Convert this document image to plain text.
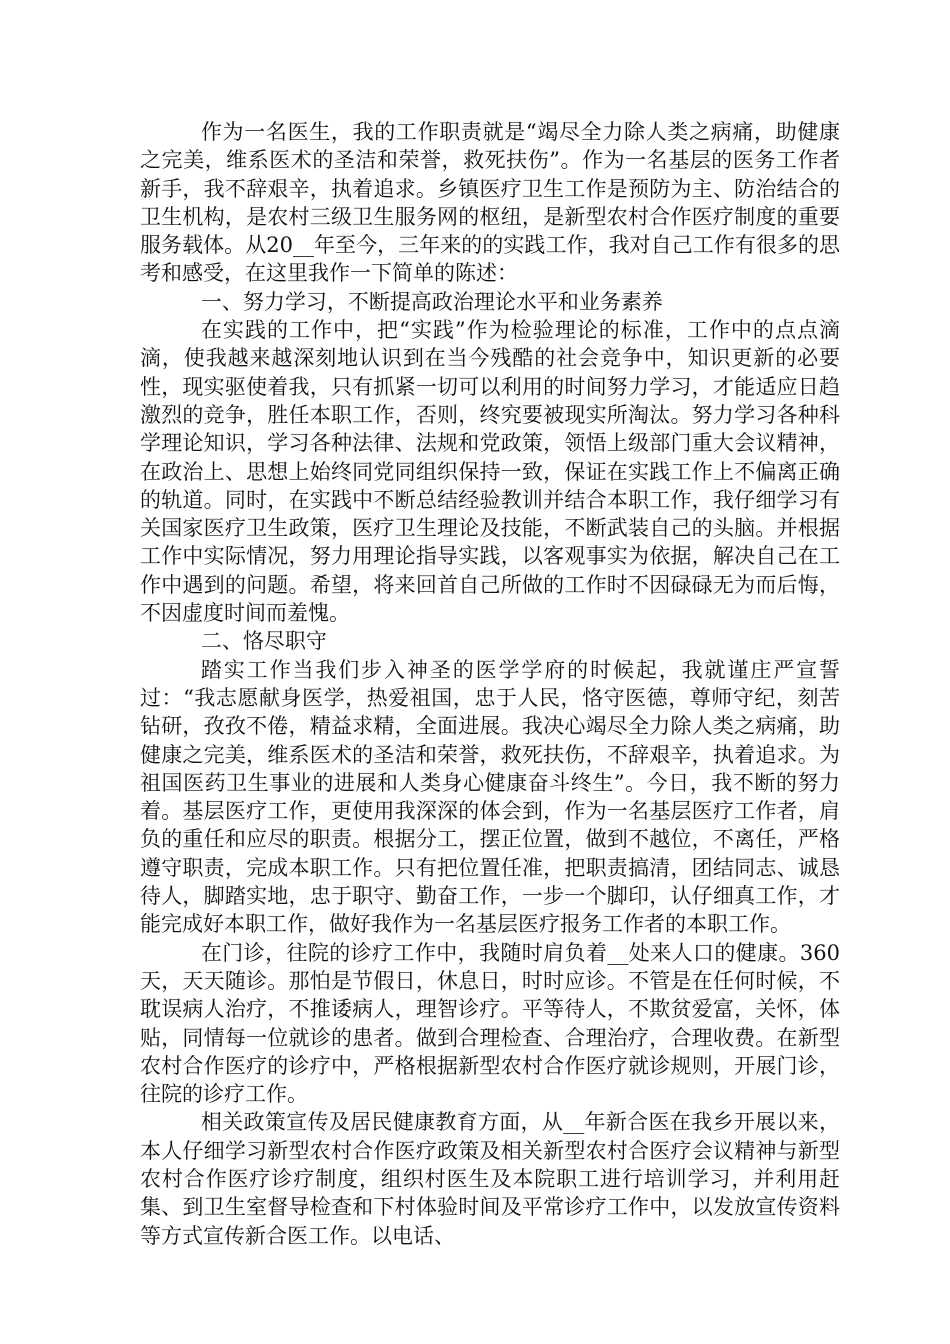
作为一名医生，我的工作职责就是“竭尽全力除人类之病痛，助健康之完美，维系医术的圣洁和荣誉，救死扶伤”。作为一名基层的医务工作者新手，我不辞艰辛，执着追求。乡镇医疗卫生工作是预防为主、防治结合的卫生机构，是农村三级卫生服务网的枢纽，是新型农村合作医疗制度的重要服务载体。从20__年至今，三年来的的实践工作，我对自己工作有很多的思考和感受，在这里我作一下简单的陈述：

一、努力学习，不断提高政治理论水平和业务素养

在实践的工作中，把“实践”作为检验理论的标准，工作中的点点滴滴，使我越来越深刻地认识到在当今残酷的社会竞争中，知识更新的必要性，现实驱使着我，只有抓紧一切可以利用的时间努力学习，才能适应日趋激烈的竞争，胜任本职工作，否则，终究要被现实所淘汰。努力学习各种科学理论知识，学习各种法律、法规和党政策，领悟上级部门重大会议精神，在政治上、思想上始终同党同组织保持一致，保证在实践工作上不偏离正确的轨道。同时，在实践中不断总结经验教训并结合本职工作，我仔细学习有关国家医疗卫生政策，医疗卫生理论及技能，不断武装自己的头脑。并根据工作中实际情况，努力用理论指导实践，以客观事实为依据，解决自己在工作中遇到的问题。希望，将来回首自己所做的工作时不因碌碌无为而后悔，不因虚度时间而羞愧。

二、恪尽职守

踏实工作当我们步入神圣的医学学府的时候起，我就谨庄严宣誓过：“我志愿献身医学，热爱祖国，忠于人民，恪守医德，尊师守纪，刻苦钻研，孜孜不倦，精益求精，全面进展。我决心竭尽全力除人类之病痛，助健康之完美，维系医术的圣洁和荣誉，救死扶伤，不辞艰辛，执着追求。为祖国医药卫生事业的进展和人类身心健康奋斗终生”。今日，我不断的努力着。基层医疗工作，更使用我深深的体会到，作为一名基层医疗工作者，肩负的重任和应尽的职责。根据分工，摆正位置，做到不越位，不离任，严格遵守职责，完成本职工作。只有把位置任准，把职责搞清，团结同志、诚恳待人，脚踏实地，忠于职守、勤奋工作，一步一个脚印，认仔细真工作，才能完成好本职工作，做好我作为一名基层医疗报务工作者的本职工作。

在门诊，往院的诊疗工作中，我随时肩负着__处来人口的健康。360天，天天随诊。那怕是节假日，休息日，时时应诊。不管是在任何时候，不耽误病人治疗，不推诿病人，理智诊疗。平等待人，不欺贫爱富，关怀，体贴，同情每一位就诊的患者。做到合理检查、合理治疗，合理收费。在新型农村合作医疗的诊疗中，严格根据新型农村合作医疗就诊规则，开展门诊，往院的诊疗工作。

相关政策宣传及居民健康教育方面，从__年新合医在我乡开展以来，本人仔细学习新型农村合作医疗政策及相关新型农村合医疗会议精神与新型农村合作医疗诊疗制度，组织村医生及本院职工进行培训学习，并利用赶集、到卫生室督导检查和下村体验时间及平常诊疗工作中，以发放宣传资料等方式宣传新合医工作。以电话、
